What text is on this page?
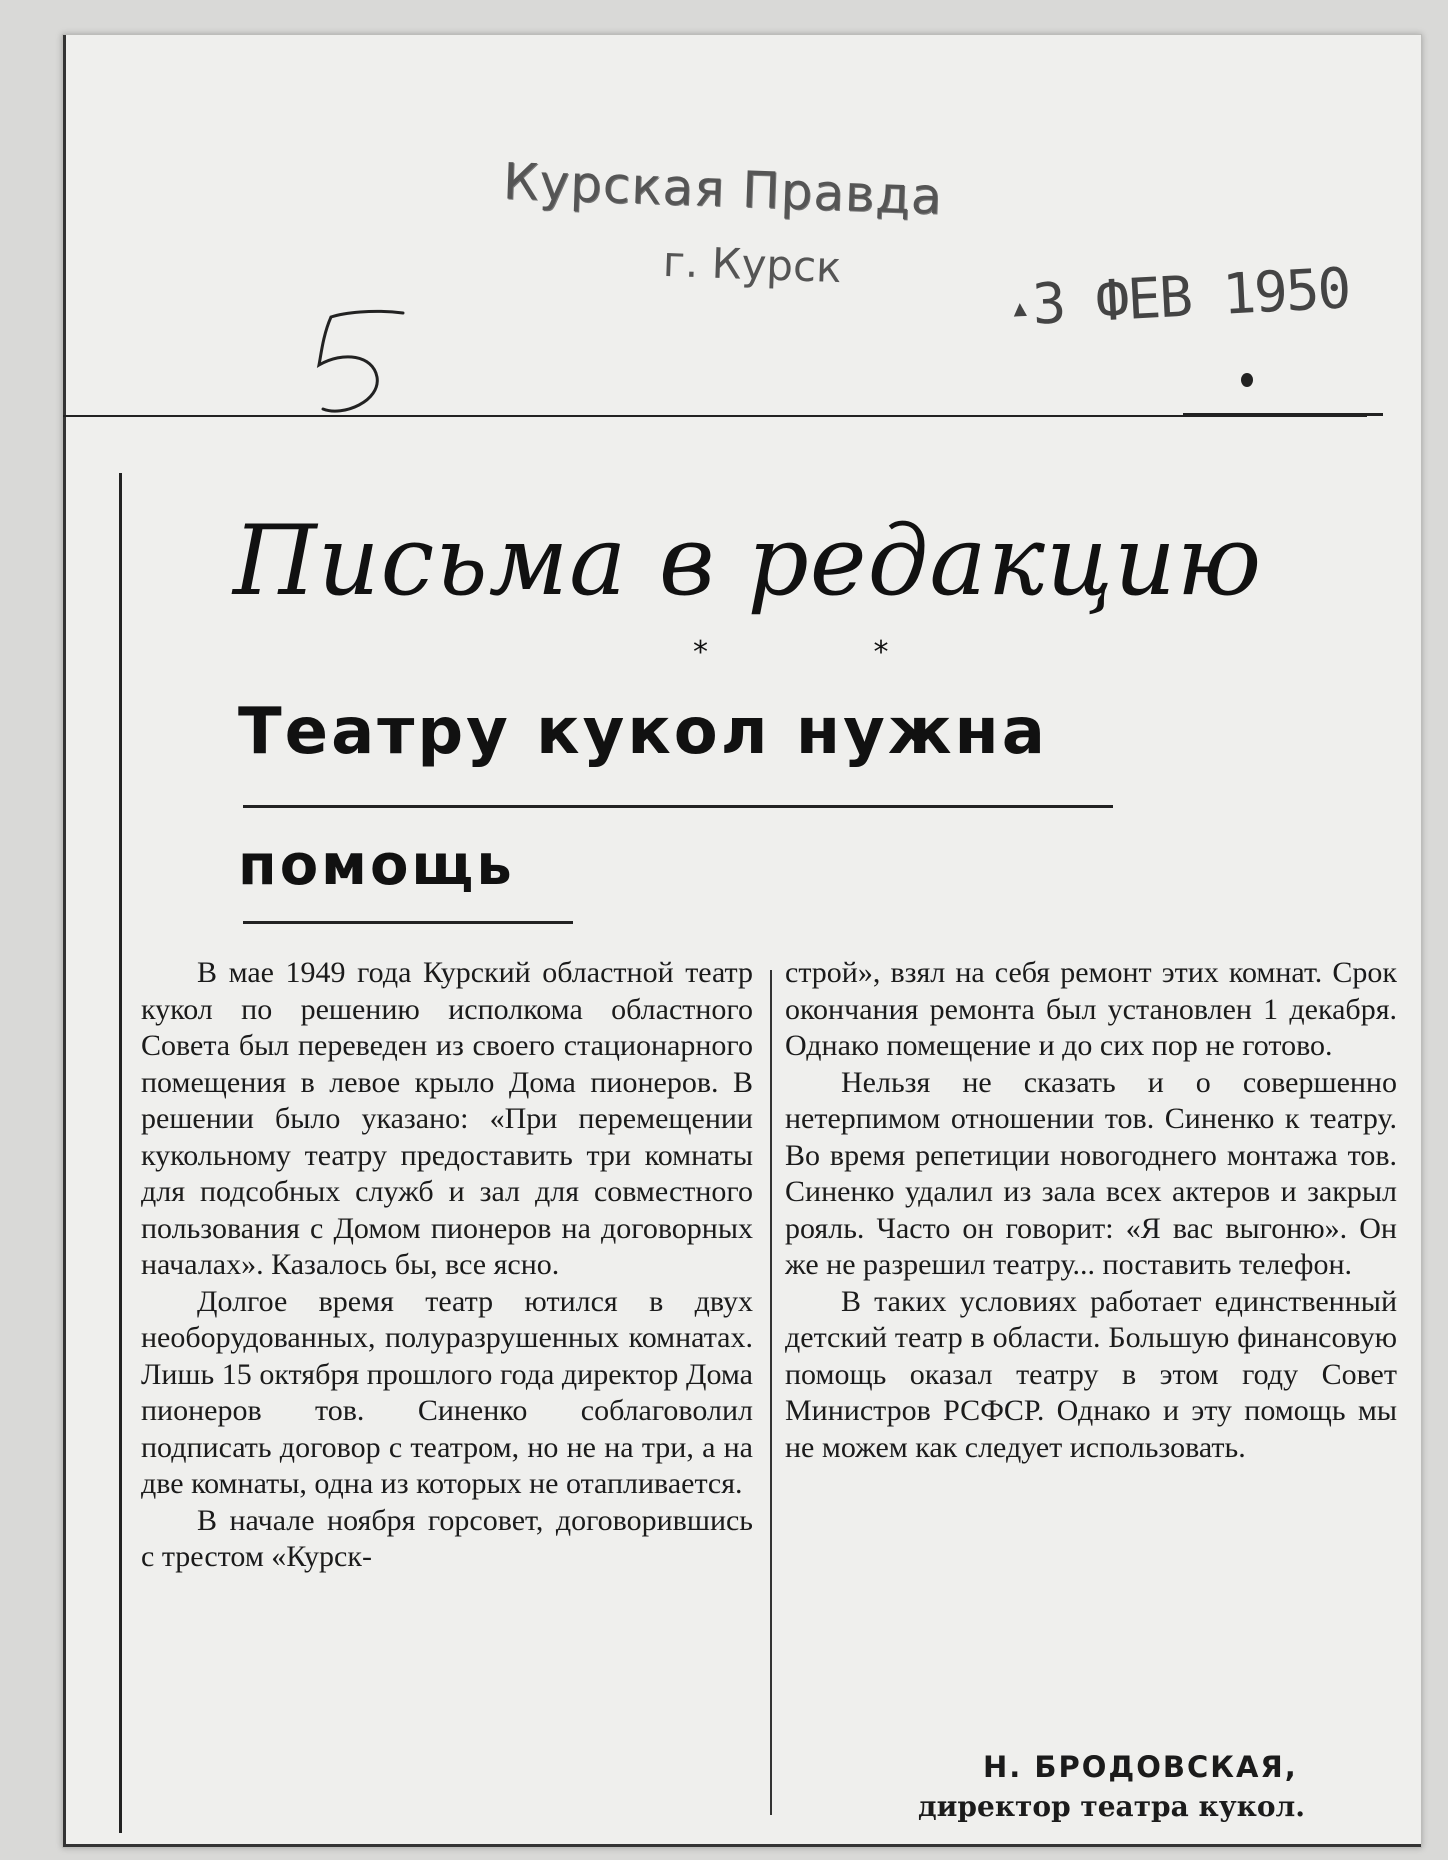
Курская Правда
г. Курск
▲3 ФЕВ 1950
Письма в редакцию
* *
Театру кукол нужна
помощь

В мае 1949 года Курский областной театр кукол по решению исполкома областного Совета был переведен из своего стационарного помещения в левое крыло Дома пионеров. В решении было указано: «При перемещении кукольному театру предоставить три комнаты для подсобных служб и зал для совместного пользования с Домом пионеров на договорных началах». Казалось бы, все ясно.

Долгое время театр ютился в двух необорудованных, полуразрушенных комнатах. Лишь 15 октября прошлого года директор Дома пионеров тов. Синенко соблаговолил подписать договор с театром, но не на три, а на две комнаты, одна из которых не отапливается.

В начале ноября горсовет, договорившись с трестом «Курск-

строй», взял на себя ремонт этих комнат. Срок окончания ремонта был установлен 1 декабря. Однако помещение и до сих пор не готово.

Нельзя не сказать и о совершенно нетерпимом отношении тов. Синенко к театру. Во время репетиции новогоднего монтажа тов. Синенко удалил из зала всех актеров и закрыл рояль. Часто он говорит: «Я вас выгоню». Он же не разрешил театру... поставить телефон.

В таких условиях работает единственный детский театр в области. Большую финансовую помощь оказал театру в этом году Совет Министров РСФСР. Однако и эту помощь мы не можем как следует использовать.

Н. БРОДОВСКАЯ,
директор театра кукол.
